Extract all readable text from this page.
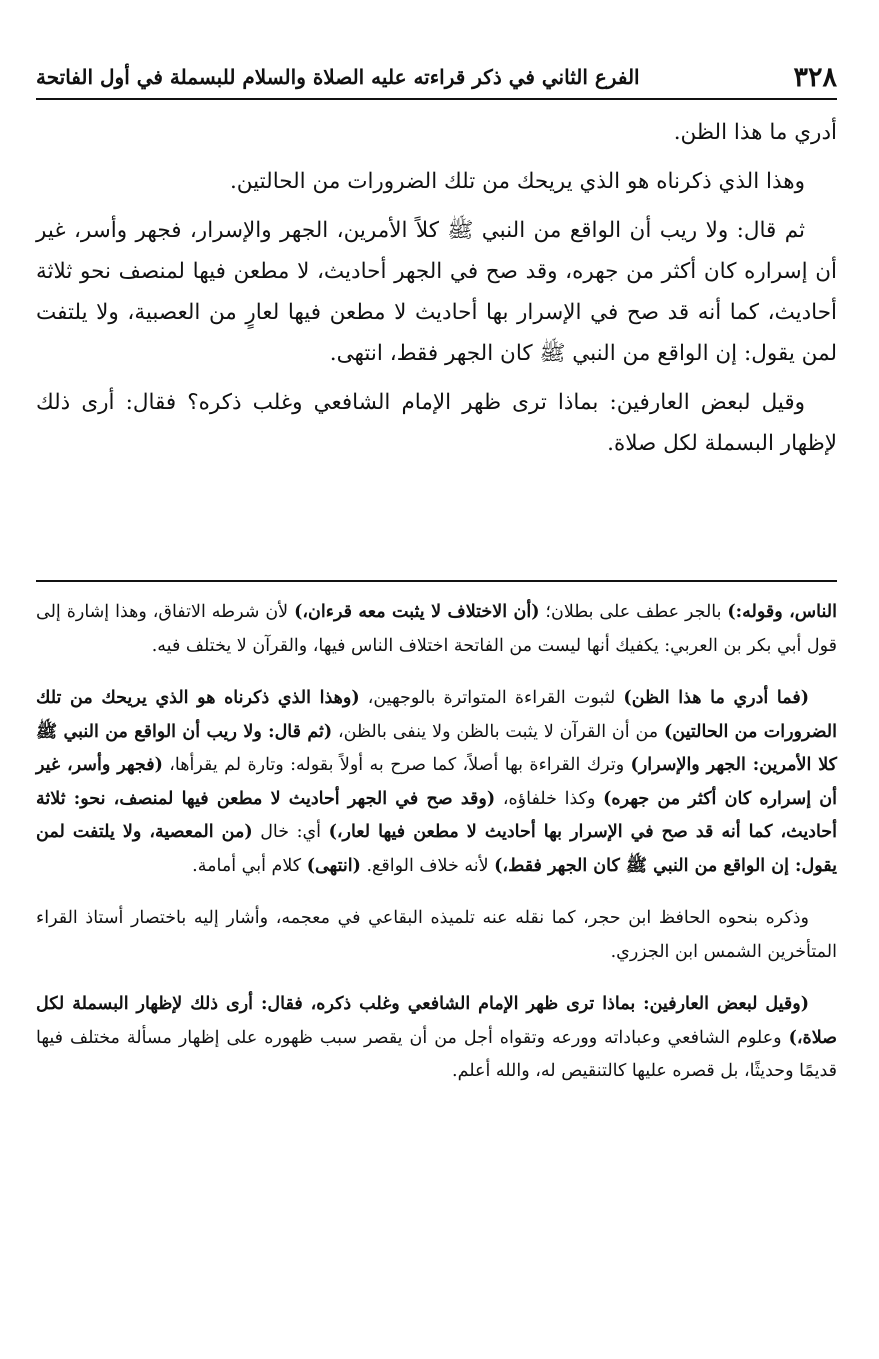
٣٢٨
الفرع الثاني في ذكر قراءته عليه الصلاة والسلام للبسملة في أول الفاتحة

أدري ما هذا الظن.

وهذا الذي ذكرناه هو الذي يريحك من تلك الضرورات من الحالتين.

ثم قال: ولا ريب أن الواقع من النبي ﷺ كلاً الأمرين، الجهر والإسرار، فجهر وأسر، غير أن إسراره كان أكثر من جهره، وقد صح في الجهر أحاديث، لا مطعن فيها لمنصف نحو ثلاثة أحاديث، كما أنه قد صح في الإسرار بها أحاديث لا مطعن فيها لعارٍ من العصبية، ولا يلتفت لمن يقول: إن الواقع من النبي ﷺ كان الجهر فقط، انتهى.

وقيل لبعض العارفين: بماذا ترى ظهر الإمام الشافعي وغلب ذكره؟ فقال: أرى ذلك لإظهار البسملة لكل صلاة.

الناس، وقوله:) بالجر عطف على بطلان؛ (أن الاختلاف لا يثبت معه قرءان،) لأن شرطه الاتفاق، وهذا إشارة إلى قول أبي بكر بن العربي: يكفيك أنها ليست من الفاتحة اختلاف الناس فيها، والقرآن لا يختلف فيه.

(فما أدري ما هذا الظن) لثبوت القراءة المتواترة بالوجهين، (وهذا الذي ذكرناه هو الذي يريحك من تلك الضرورات من الحالتين) من أن القرآن لا يثبت بالظن ولا ينفى بالظن، (ثم قال: ولا ريب أن الواقع من النبي ﷺ كلا الأمرين: الجهر والإسرار) وترك القراءة بها أصلاً، كما صرح به أولاً بقوله: وتارة لم يقرأها، (فجهر وأسر، غير أن إسراره كان أكثر من جهره) وكذا خلفاؤه، (وقد صح في الجهر أحاديث لا مطعن فيها لمنصف، نحو: ثلاثة أحاديث، كما أنه قد صح في الإسرار بها أحاديث لا مطعن فيها لعار،) أي: خال (من المعصية، ولا يلتفت لمن يقول: إن الواقع من النبي ﷺ كان الجهر فقط،) لأنه خلاف الواقع. (انتهى) كلام أبي أمامة.

وذكره بنحوه الحافظ ابن حجر، كما نقله عنه تلميذه البقاعي في معجمه، وأشار إليه باختصار أستاذ القراء المتأخرين الشمس ابن الجزري.

(وقيل لبعض العارفين: بماذا ترى ظهر الإمام الشافعي وغلب ذكره، فقال: أرى ذلك لإظهار البسملة لكل صلاة،) وعلوم الشافعي وعباداته وورعه وتقواه أجل من أن يقصر سبب ظهوره على إظهار مسألة مختلف فيها قديمًا وحديثًا، بل قصره عليها كالتنقيص له، والله أعلم.
